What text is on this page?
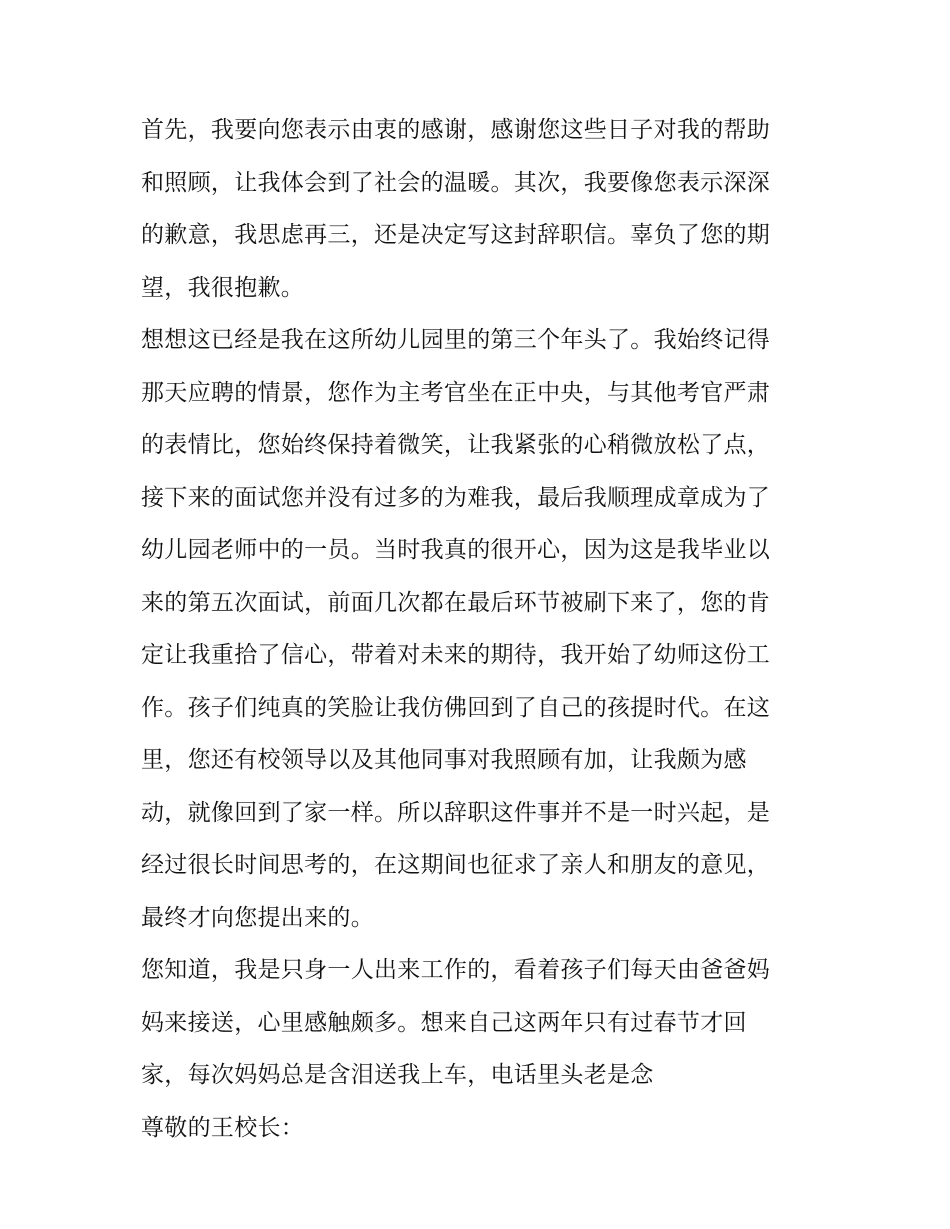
首先，我要向您表示由衷的感谢，感谢您这些日子对我的帮助
和照顾，让我体会到了社会的温暖。其次，我要像您表示深深
的歉意，我思虑再三，还是决定写这封辞职信。辜负了您的期
望，我很抱歉。
想想这已经是我在这所幼儿园里的第三个年头了。我始终记得
那天应聘的情景，您作为主考官坐在正中央，与其他考官严肃
的表情比，您始终保持着微笑，让我紧张的心稍微放松了点，
接下来的面试您并没有过多的为难我，最后我顺理成章成为了
幼儿园老师中的一员。当时我真的很开心，因为这是我毕业以
来的第五次面试，前面几次都在最后环节被刷下来了，您的肯
定让我重拾了信心，带着对未来的期待，我开始了幼师这份工
作。孩子们纯真的笑脸让我仿佛回到了自己的孩提时代。在这
里，您还有校领导以及其他同事对我照顾有加，让我颇为感
动，就像回到了家一样。所以辞职这件事并不是一时兴起，是
经过很长时间思考的，在这期间也征求了亲人和朋友的意见，
最终才向您提出来的。
您知道，我是只身一人出来工作的，看着孩子们每天由爸爸妈
妈来接送，心里感触颇多。想来自己这两年只有过春节才回
家，每次妈妈总是含泪送我上车，电话里头老是念
尊敬的王校长：
